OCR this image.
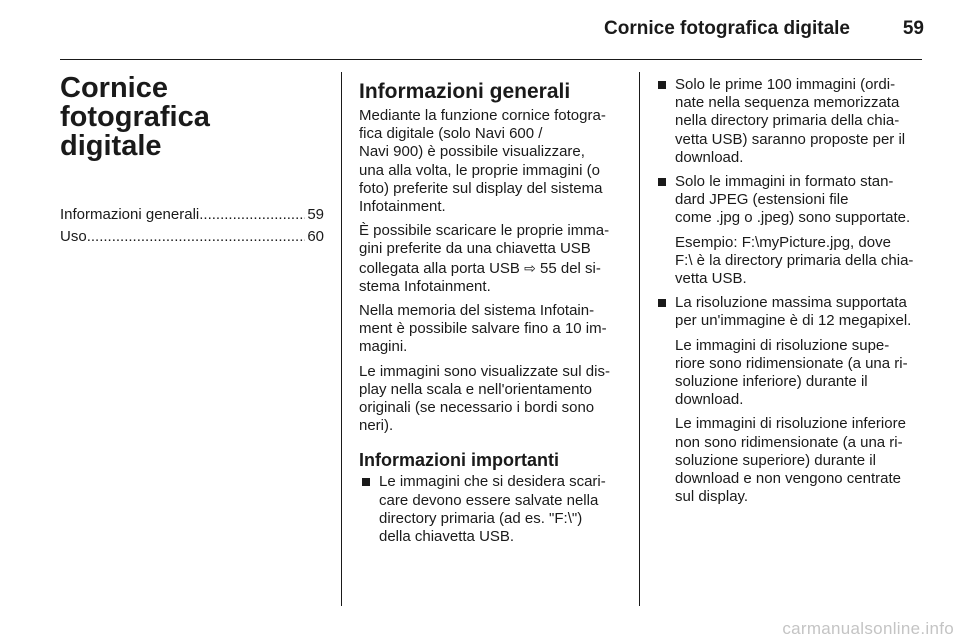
Cornice fotografica digitale	59
Cornice fotografica
digitale
Informazioni generali .....	59
Uso .....	60
Informazioni generali
Mediante la funzione cornice fotogra-
fica digitale (solo Navi 600 /
Navi 900) è possibile visualizzare,
una alla volta, le proprie immagini (o
foto) preferite sul display del sistema
Infotainment.
È possibile scaricare le proprie imma-
gini preferite da una chiavetta USB
collegata alla porta USB ⇨ 55 del si-
stema Infotainment.
Nella memoria del sistema Infotain-
ment è possibile salvare fino a 10 im-
magini.
Le immagini sono visualizzate sul dis-
play nella scala e nell'orientamento
originali (se necessario i bordi sono
neri).
Informazioni importanti
Le immagini che si desidera scari-
care devono essere salvate nella
directory primaria (ad es. "F:\")
della chiavetta USB.
Solo le prime 100 immagini (ordi-
nate nella sequenza memorizzata
nella directory primaria della chia-
vetta USB) saranno proposte per il
download.
Solo le immagini in formato stan-
dard JPEG (estensioni file
come .jpg o .jpeg) sono supportate.
Esempio: F:\myPicture.jpg, dove
F:\ è la directory primaria della chia-
vetta USB.
La risoluzione massima supportata
per un'immagine è di 12 megapixel.
Le immagini di risoluzione supe-
riore sono ridimensionate (a una ri-
soluzione inferiore) durante il
download.
Le immagini di risoluzione inferiore
non sono ridimensionate (a una ri-
soluzione superiore) durante il
download e non vengono centrate
sul display.
carmanualsonline.info
